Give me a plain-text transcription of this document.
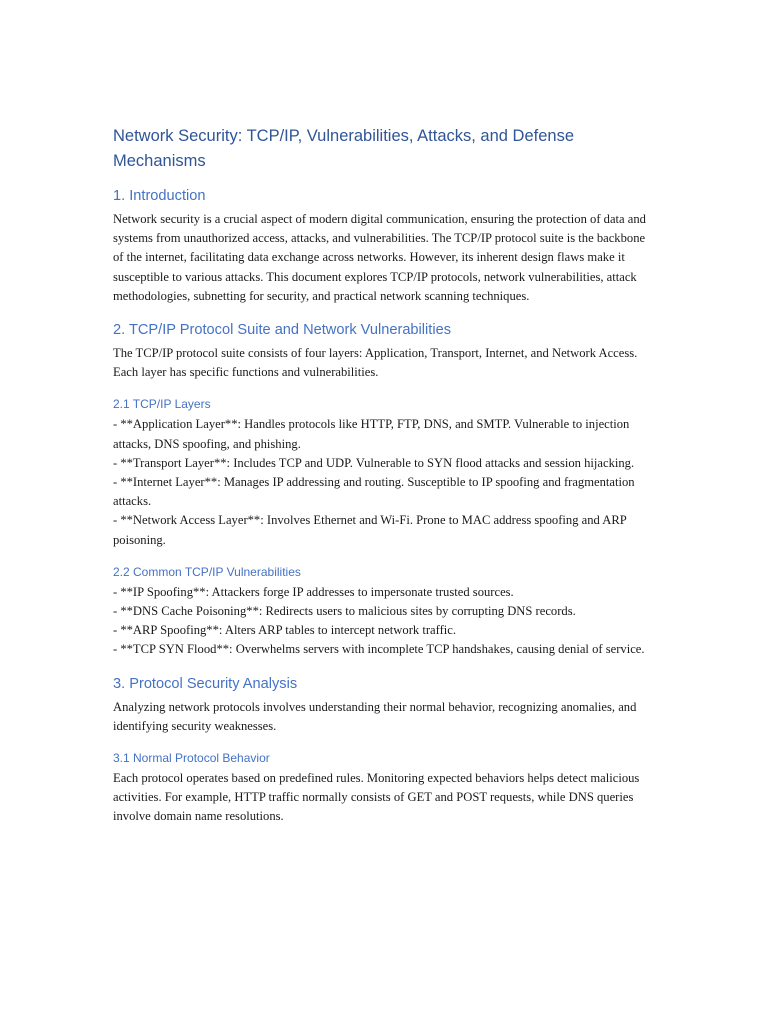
Network Security: TCP/IP, Vulnerabilities, Attacks, and Defense Mechanisms
1. Introduction

Network security is a crucial aspect of modern digital communication, ensuring the protection of data and systems from unauthorized access, attacks, and vulnerabilities. The TCP/IP protocol suite is the backbone of the internet, facilitating data exchange across networks. However, its inherent design flaws make it susceptible to various attacks. This document explores TCP/IP protocols, network vulnerabilities, attack methodologies, subnetting for security, and practical network scanning techniques.

2. TCP/IP Protocol Suite and Network Vulnerabilities

The TCP/IP protocol suite consists of four layers: Application, Transport, Internet, and Network Access. Each layer has specific functions and vulnerabilities.

2.1 TCP/IP Layers
- **Application Layer**: Handles protocols like HTTP, FTP, DNS, and SMTP. Vulnerable to injection attacks, DNS spoofing, and phishing.
- **Transport Layer**: Includes TCP and UDP. Vulnerable to SYN flood attacks and session hijacking.
- **Internet Layer**: Manages IP addressing and routing. Susceptible to IP spoofing and fragmentation attacks.
- **Network Access Layer**: Involves Ethernet and Wi-Fi. Prone to MAC address spoofing and ARP poisoning.
2.2 Common TCP/IP Vulnerabilities
- **IP Spoofing**: Attackers forge IP addresses to impersonate trusted sources.
- **DNS Cache Poisoning**: Redirects users to malicious sites by corrupting DNS records.
- **ARP Spoofing**: Alters ARP tables to intercept network traffic.
- **TCP SYN Flood**: Overwhelms servers with incomplete TCP handshakes, causing denial of service.
3. Protocol Security Analysis

Analyzing network protocols involves understanding their normal behavior, recognizing anomalies, and identifying security weaknesses.

3.1 Normal Protocol Behavior

Each protocol operates based on predefined rules. Monitoring expected behaviors helps detect malicious activities. For example, HTTP traffic normally consists of GET and POST requests, while DNS queries involve domain name resolutions.
